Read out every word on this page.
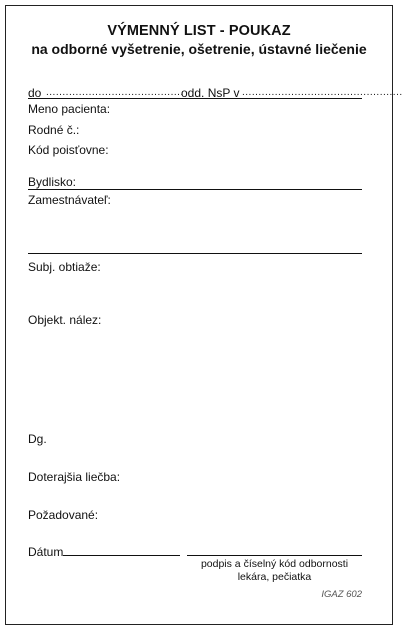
VÝMENNÝ LIST - POUKAZ
na odborné vyšetrenie, ošetrenie, ústavné liečenie
do ..........................................
odd. NsP v .................................................
Meno pacienta:
Rodné č.:
Kód poisťovne:
Bydlisko:
Zamestnávateľ:
Subj. obtiaže:
Objekt. nález:
Dg.
Doterajšia liečba:
Požadované:
Dátum
podpis a číselný kód odbornosti
lekára, pečiatka
IGAZ 602
